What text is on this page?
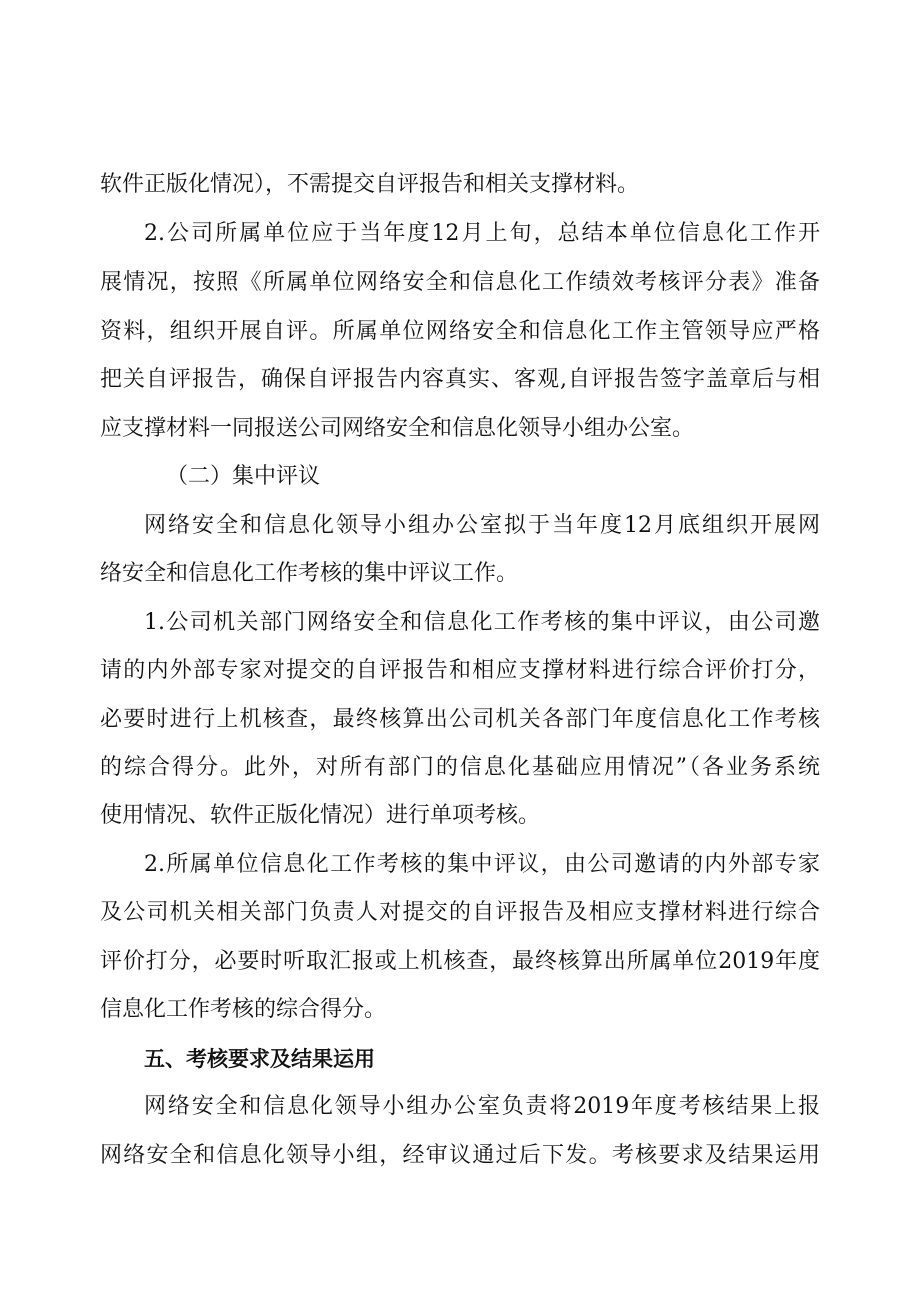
软件正版化情况），不需提交自评报告和相关支撑材料。
2.公司所属单位应于当年度12月上旬，总结本单位信息化工作开
展情况，按照《所属单位网络安全和信息化工作绩效考核评分表》准备
资料，组织开展自评。所属单位网络安全和信息化工作主管领导应严格
把关自评报告，确保自评报告内容真实、客观,自评报告签字盖章后与相
应支撑材料一同报送公司网络安全和信息化领导小组办公室。
（二）集中评议
网络安全和信息化领导小组办公室拟于当年度12月底组织开展网
络安全和信息化工作考核的集中评议工作。
1.公司机关部门网络安全和信息化工作考核的集中评议，由公司邀
请的内外部专家对提交的自评报告和相应支撑材料进行综合评价打分，
必要时进行上机核查，最终核算出公司机关各部门年度信息化工作考核
的综合得分。此外，对所有部门的信息化基础应用情况”（各业务系统
使用情况、软件正版化情况）进行单项考核。
2.所属单位信息化工作考核的集中评议，由公司邀请的内外部专家
及公司机关相关部门负责人对提交的自评报告及相应支撑材料进行综合
评价打分，必要时听取汇报或上机核查，最终核算出所属单位2019年度
信息化工作考核的综合得分。
五、考核要求及结果运用
网络安全和信息化领导小组办公室负责将2019年度考核结果上报
网络安全和信息化领导小组，经审议通过后下发。考核要求及结果运用
